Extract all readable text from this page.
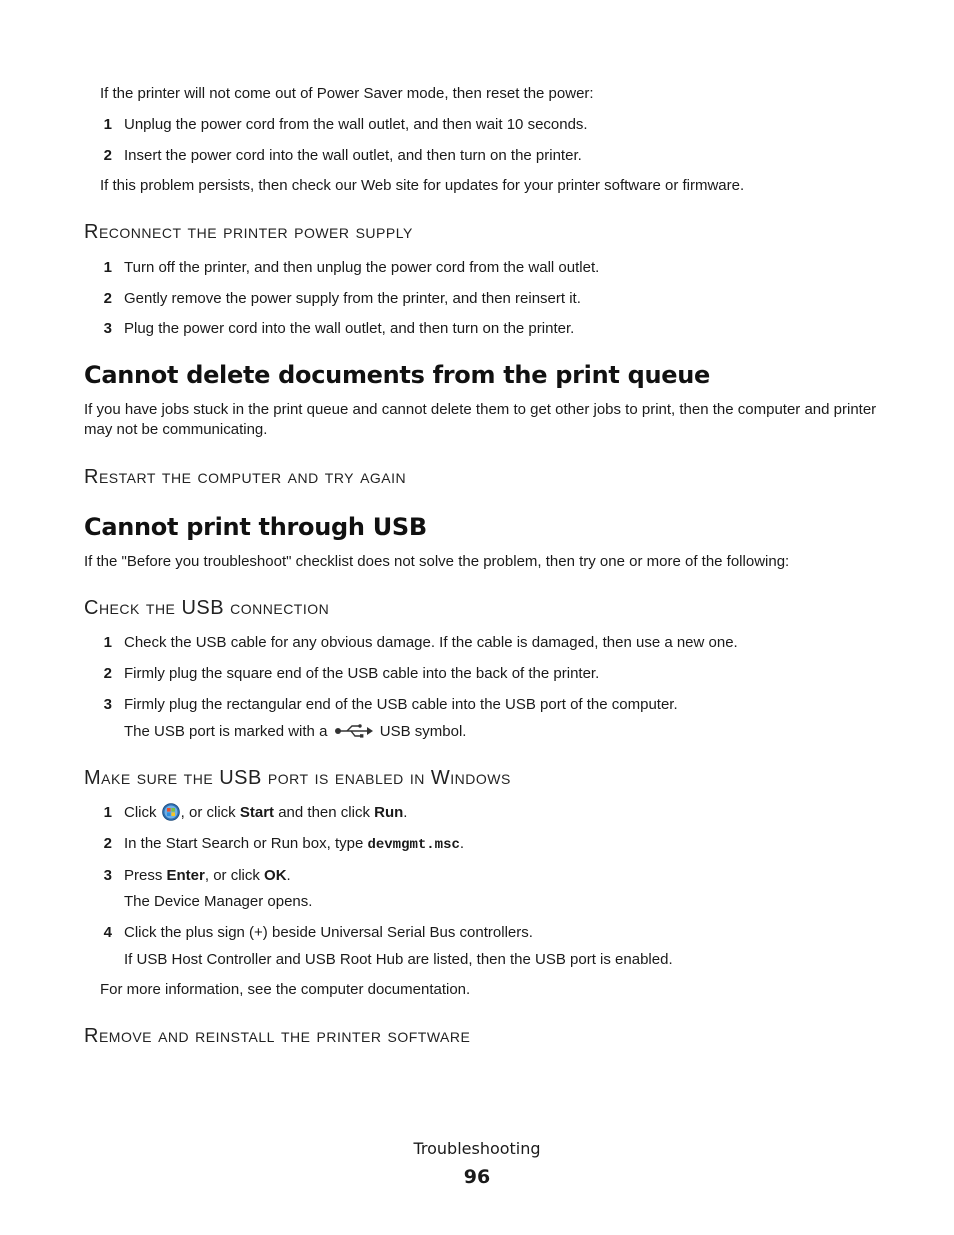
If the printer will not come out of Power Saver mode, then reset the power:

1 Unplug the power cord from the wall outlet, and then wait 10 seconds.

2 Insert the power cord into the wall outlet, and then turn on the printer.

If this problem persists, then check our Web site for updates for your printer software or firmware.

Reconnect the printer power supply
1 Turn off the printer, and then unplug the power cord from the wall outlet.

2 Gently remove the power supply from the printer, and then reinsert it.

3 Plug the power cord into the wall outlet, and then turn on the printer.

Cannot delete documents from the print queue

If you have jobs stuck in the print queue and cannot delete them to get other jobs to print, then the computer and printer may not be communicating.

Restart the computer and try again
Cannot print through USB

If the "Before you troubleshoot" checklist does not solve the problem, then try one or more of the following:

Check the USB connection
1 Check the USB cable for any obvious damage. If the cable is damaged, then use a new one.

2 Firmly plug the square end of the USB cable into the back of the printer.

3 Firmly plug the rectangular end of the USB cable into the USB port of the computer.

The USB port is marked with a	USB symbol.

Make sure the USB port is enabled in Windows
1 Click , or click Start and then click Run.

2 In the Start Search or Run box, type devmgmt.msc.

3 Press Enter, or click OK.

The Device Manager opens.

4 Click the plus sign (+) beside Universal Serial Bus controllers.

If USB Host Controller and USB Root Hub are listed, then the USB port is enabled.

For more information, see the computer documentation.

Remove and reinstall the printer software
Troubleshooting
96
